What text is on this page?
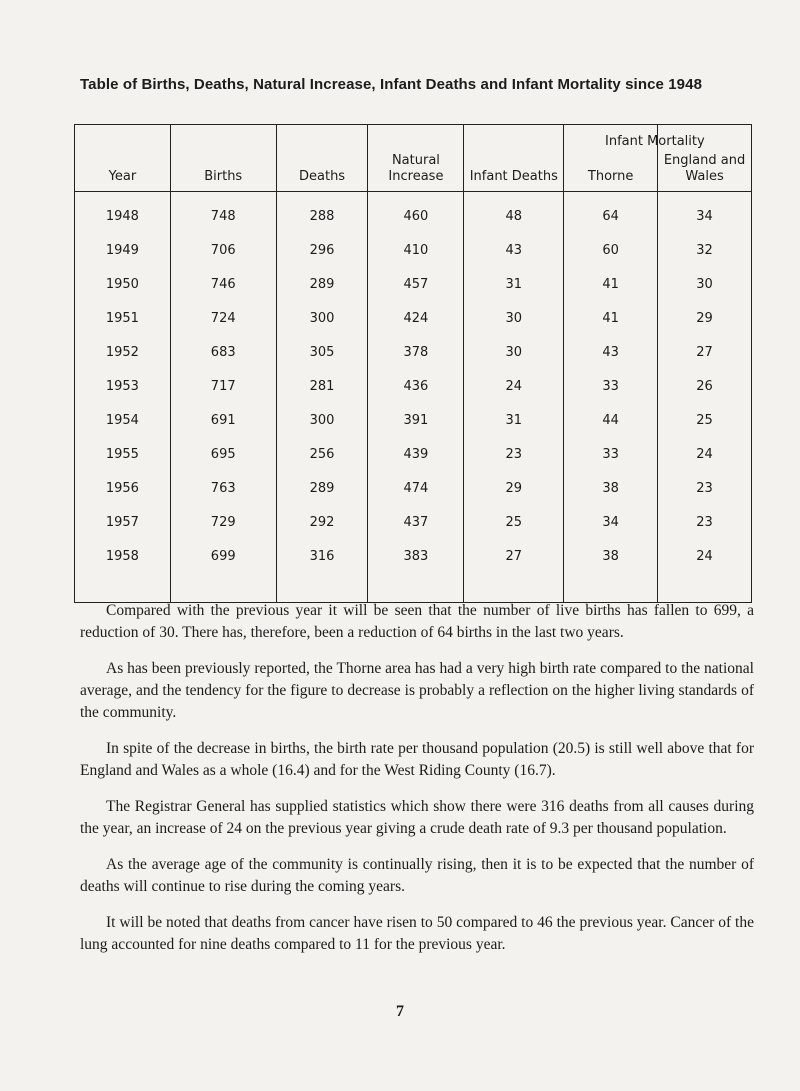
Table of Births, Deaths, Natural Increase, Infant Deaths and Infant Mortality since 1948
Infant Mortality
Year	Births	Deaths	Natural Increase	Infant Deaths	Thorne	England and Wales
1948	748	288	460	48	64	34
1949	706	296	410	43	60	32
1950	746	289	457	31	41	30
1951	724	300	424	30	41	29
1952	683	305	378	30	43	27
1953	717	281	436	24	33	26
1954	691	300	391	31	44	25
1955	695	256	439	23	33	24
1956	763	289	474	29	38	23
1957	729	292	437	25	34	23
1958	699	316	383	27	38	24

Compared with the previous year it will be seen that the number of live births has fallen to 699, a reduction of 30. There has, therefore, been a reduction of 64 births in the last two years.

As has been previously reported, the Thorne area has had a very high birth rate compared to the national average, and the tendency for the figure to decrease is probably a reflection on the higher living standards of the community.

In spite of the decrease in births, the birth rate per thousand population (20.5) is still well above that for England and Wales as a whole (16.4) and for the West Riding County (16.7).

The Registrar General has supplied statistics which show there were 316 deaths from all causes during the year, an increase of 24 on the previous year giving a crude death rate of 9.3 per thousand population.

As the average age of the community is continually rising, then it is to be expected that the number of deaths will continue to rise during the coming years.

It will be noted that deaths from cancer have risen to 50 compared to 46 the previous year. Cancer of the lung accounted for nine deaths compared to 11 for the previous year.

7
